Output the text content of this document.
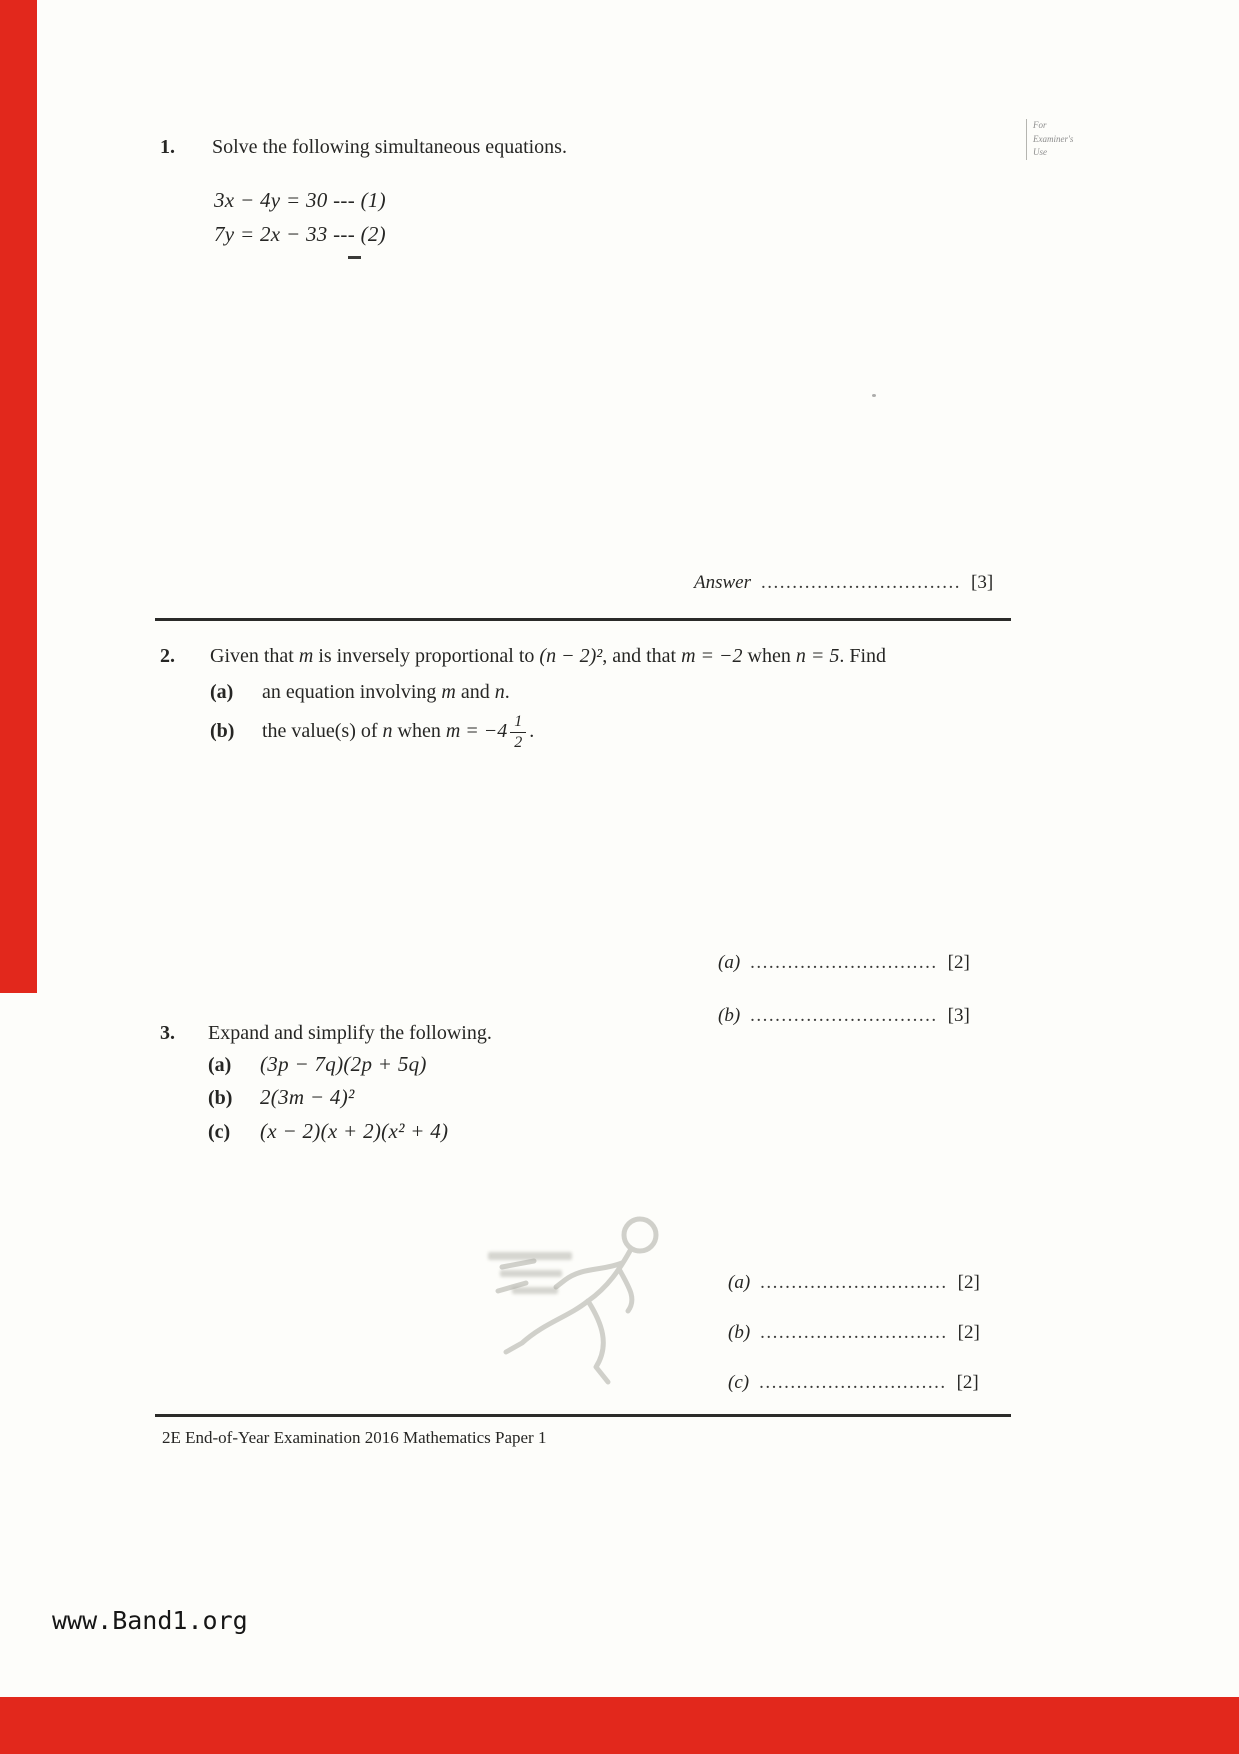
For
Examiner's
Use
1. Solve the following simultaneous equations.
3x − 4y = 30 --- (1)
7y = 2x − 33 --- (2)
Answer ................................ [3]
2. Given that m is inversely proportional to (n − 2)², and that m = −2 when n = 5. Find
(a) an equation involving m and n.
(b) the value(s) of n when $m = -4 \frac{1}{2}$ .
(a) .............................. [2]
(b) .............................. [3]
3. Expand and simplify the following.
(a) (3p − 7q)(2p + 5q)
(b) 2(3m − 4)²
(c) (x − 2)(x + 2)(x² + 4)
(a) .............................. [2]
(b) .............................. [2]
(c) .............................. [2]
2E End-of-Year Examination 2016 Mathematics Paper 1
www.Band1.org
